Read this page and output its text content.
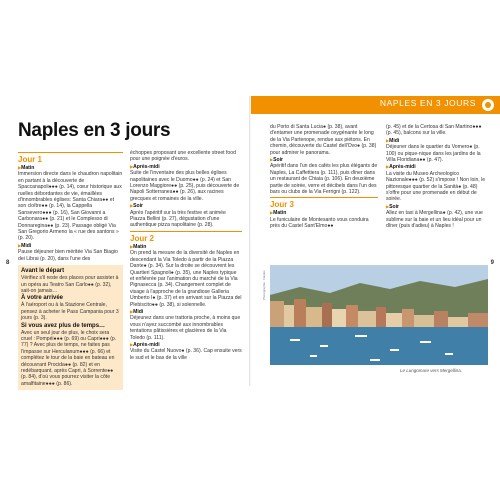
NAPLES EN 3 JOURS
8	9
Naples en 3 jours
Jour 1
▶ Matin

Immersion directe dans le chaudron napolitain en partant à la découverte de Spaccanapoli●●● (p. 14), cœur historique aux ruelles débordantes de vie, émaillées d'innombrables églises: Santa Chiara●● et son cloître●● (p. 14), la Cappella Sansevero●●● (p. 16), San Giovanni a Carbonara●● (p. 21) et le Complesso di Donnaregina●● (p. 23). Passage obligé Via San Gregorio Armeno la « rue des santons » (p. 20).

▶ Midi

Pause déjeuner bien méritée Via San Biagio dei Librai (p. 20), dans l'une des

Avant le départ

Vérifiez s'il reste des places pour assister à un opéra au Teatro San Carlo●● (p. 32), sait-on jamais…

À votre arrivée

À l'aéroport ou à la Stazione Centrale, pensez à acheter le Pass Campania pour 3 jours (p. 3).

Si vous avez plus de temps…

Avec un seul jour de plus, le choix sera cruel : Pompéi●●● (p. 69) ou Capri●●● (p. 77) ? Avec plus de temps, ne faites pas l'impasse sur Herculanum●●● (p. 66) et complétez le tour de la baie en bateau en découvrant Procida●● (p. 82) et en redébarquant, après Capri, à Sorrente●● (p. 84), d'où vous pourrez visiter la côte amalfitaine●●● (p. 86).

échoppes proposant une excellente street food pour une poignée d'euros.

▶ Après-midi

Suite de l'inventaire des plus belles églises napolitaines avec le Duomo●● (p. 24) et San Lorenzo Maggiore●● (p. 25), puis découverte de Napoli Sotterranea●● (p. 26), aux racines grecques et romaines de la ville.

▶ Soir

Après l'apéritif sur la très festive et animée Piazza Bellini (p. 27), dégustation d'une authentique pizza napolitaine (p. 28).

Jour 2
▶ Matin

On prend la mesure de la diversité de Naples en descendant la Via Toledo à partir de la Piazza Dante● (p. 34). Sur la droite se découvrent les Quartieri Spagnoli● (p. 35), une Naples typique et enfiévrée par l'animation du marché de la Via Pignasecca (p. 34). Changement complet de visage à l'approche de la grandiose Galleria Umberto I● (p. 37) et en arrivant sur la Piazza del Plebiscito●● (p. 38), si solennelle.

▶ Midi

Déjeunez dans une trattoria proche, à moins que vous n'ayez succombé aux innombrables tentations pâtissières et glacières de la Via Toledo (p. 111).

▶ Après-midi

Visite du Castel Nuovo● (p. 36). Cap ensuite vers le sud et le bas de la ville

du Porto di Santa Lucia● (p. 38), avant d'entamer une promenade oxygénante le long de la Via Partenope, rendue aux piétons. En chemin, découverte du Castel dell'Ovo● (p. 38) pour admirer le panorama.

▶ Soir

Apéritif dans l'un des cafés les plus élégants de Naples, La Caffettiera (p. 111), puis dîner dans un restaurant de Chiaia (p. 106). En deuxième partie de soirée, verre et décibels dans l'un des bars ou clubs de la Via Ferrigni (p. 122).

Jour 3
▶ Matin

Le funiculaire de Montesanto vous conduira près du Castel Sant'Elmo●●

(p. 45) et de la Certosa di San Martino●●● (p. 45), balcons sur la ville.

▶ Midi

Déjeuner dans le quartier du Vomero● (p. 100) ou pique-nique dans les jardins de la Villa Floridiana●● (p. 47).

▶ Après-midi

La visite du Museo Archeologico Nazionale●●● (p. 52) s'impose ! Non loin, le pittoresque quartier de la Sanità● (p. 48) s'offre pour une promenade en début de soirée.

▶ Soir

Allez en taxi à Mergellina● (p. 42), une vue sublime sur la baie et un lieu idéal pour un dîner (puis d'adieu) à Naples !

Photographie : Naples
Le Lungomare vers Mergellina.
